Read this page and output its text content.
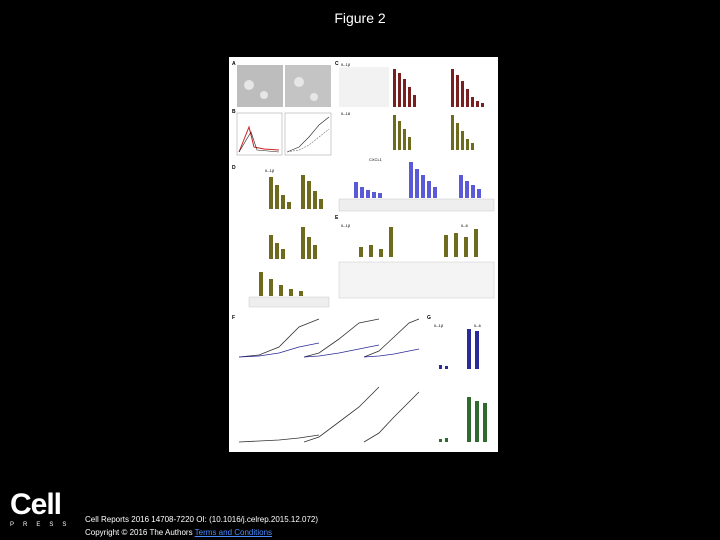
Figure 2
A
B
C IL-1β
IL-18
CXCL1
D	IL-1β
E
IL-1β	IL-6
F	G
IL-1β	IL-6
Cell
PRESS
Cell Reports 2016 14708-7220 OI: (10.1016/j.celrep.2015.12.072)
Copyright © 2016 The Authors Terms and Conditions
